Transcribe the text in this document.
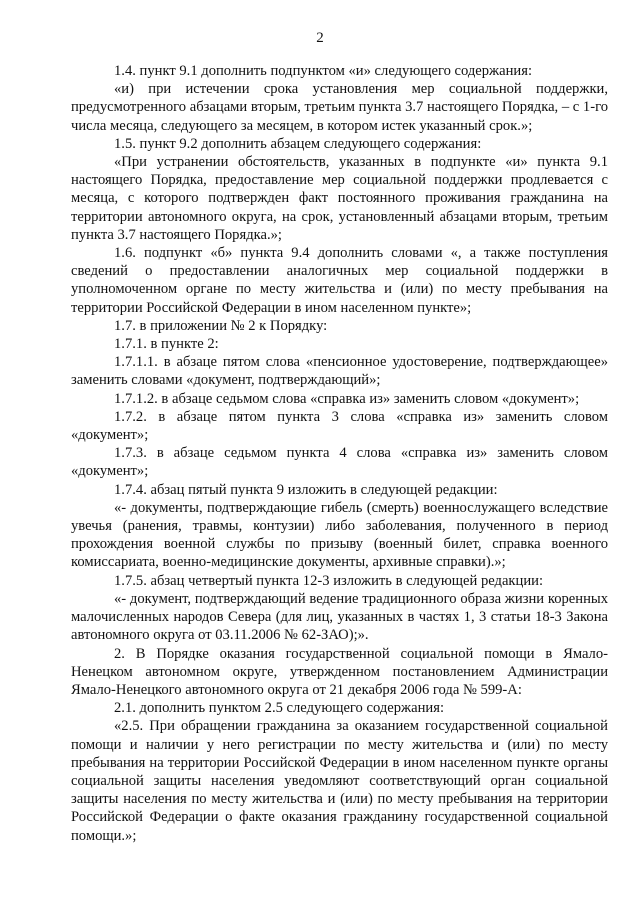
2

1.4. пункт 9.1 дополнить подпунктом «и» следующего содержания:

«и) при истечении срока установления мер социальной поддержки, предусмотренного абзацами вторым, третьим пункта 3.7 настоящего Порядка, – с 1-го числа месяца, следующего за месяцем, в котором истек указанный срок.»;

1.5. пункт 9.2 дополнить абзацем следующего содержания:

«При устранении обстоятельств, указанных в подпункте «и» пункта 9.1 настоящего Порядка, предоставление мер социальной поддержки продлевается с месяца, с которого подтвержден факт постоянного проживания гражданина на территории автономного округа, на срок, установленный абзацами вторым, третьим пункта 3.7 настоящего Порядка.»;

1.6. подпункт «б» пункта 9.4 дополнить словами «, а также поступления сведений о предоставлении аналогичных мер социальной поддержки в уполномоченном органе по месту жительства и (или) по месту пребывания на территории Российской Федерации в ином населенном пункте»;

1.7. в приложении № 2 к Порядку:

1.7.1. в пункте 2:

1.7.1.1. в абзаце пятом слова «пенсионное удостоверение, подтверждающее» заменить словами «документ, подтверждающий»;

1.7.1.2. в абзаце седьмом слова «справка из» заменить словом «документ»;

1.7.2. в абзаце пятом пункта 3 слова «справка из» заменить словом «документ»;

1.7.3. в абзаце седьмом пункта 4 слова «справка из» заменить словом «документ»;

1.7.4. абзац пятый пункта 9 изложить в следующей редакции:

«- документы, подтверждающие гибель (смерть) военнослужащего вследствие увечья (ранения, травмы, контузии) либо заболевания, полученного в период прохождения военной службы по призыву (военный билет, справка военного комиссариата, военно-медицинские документы, архивные справки).»;

1.7.5. абзац четвертый пункта 12-3 изложить в следующей редакции:

«- документ, подтверждающий ведение традиционного образа жизни коренных малочисленных народов Севера (для лиц, указанных в частях 1, 3 статьи 18-3 Закона автономного округа от 03.11.2006 № 62-ЗАО);».

2. В Порядке оказания государственной социальной помощи в Ямало-Ненецком автономном округе, утвержденном постановлением Администрации Ямало-Ненецкого автономного округа от 21 декабря 2006 года № 599-А:

2.1. дополнить пунктом 2.5 следующего содержания:

«2.5. При обращении гражданина за оказанием государственной социальной помощи и наличии у него регистрации по месту жительства и (или) по месту пребывания на территории Российской Федерации в ином населенном пункте органы социальной защиты населения уведомляют соответствующий орган социальной защиты населения по месту жительства и (или) по месту пребывания на территории Российской Федерации о факте оказания гражданину государственной социальной помощи.»;
